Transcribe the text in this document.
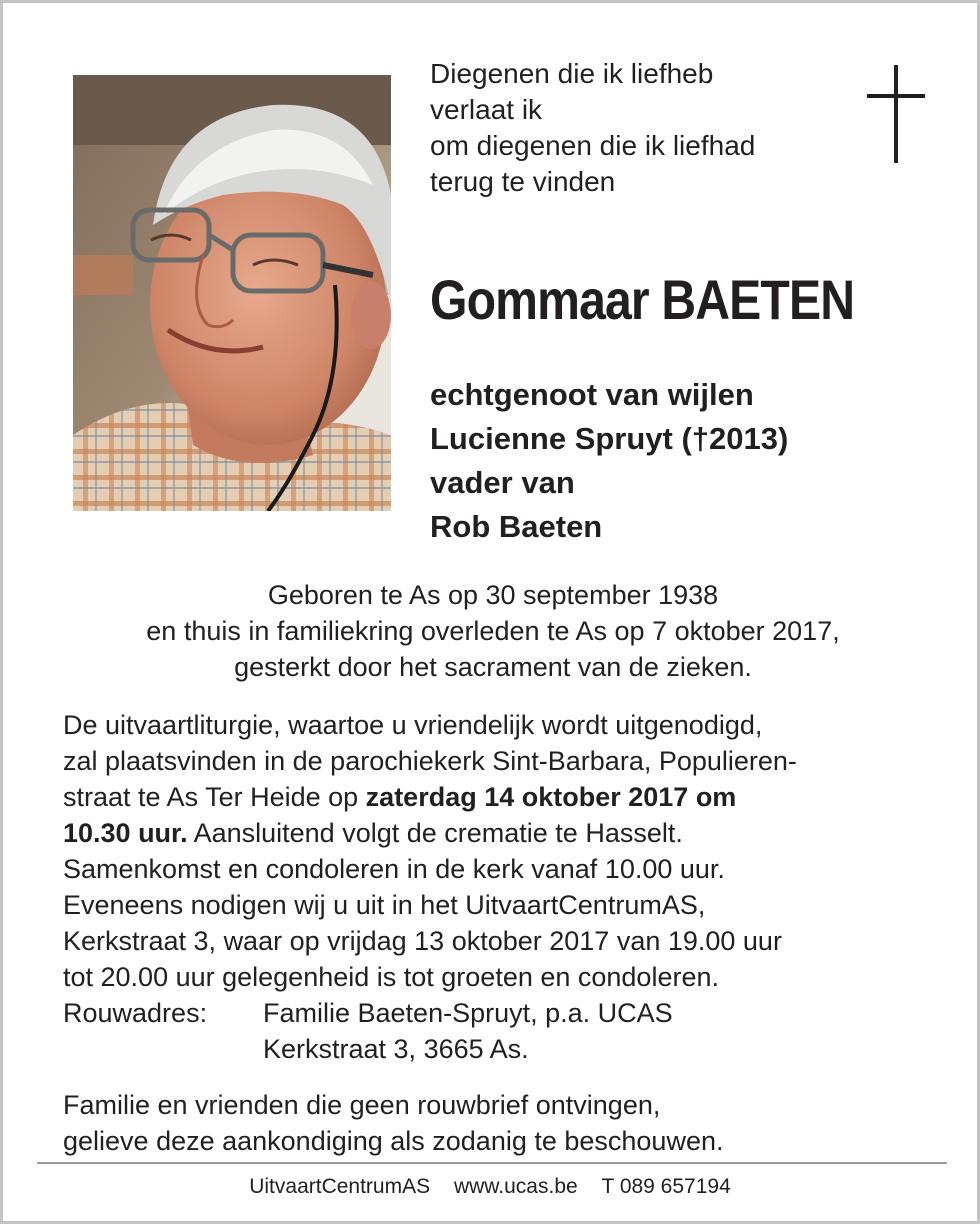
Diegenen die ik liefheb
verlaat ik
om diegenen die ik liefhad
terug te vinden
Gommaar BAETEN
echtgenoot van wijlen
Lucienne Spruyt (†2013)
vader van
Rob Baeten
Geboren te As op 30 september 1938
en thuis in familiekring overleden te As op 7 oktober 2017,
gesterkt door het sacrament van de zieken.
De uitvaartliturgie, waartoe u vriendelijk wordt uitgenodigd,
zal plaatsvinden in de parochiekerk Sint-Barbara, Populieren-
straat te As Ter Heide op zaterdag 14 oktober 2017 om
10.30 uur. Aansluitend volgt de crematie te Hasselt.
Samenkomst en condoleren in de kerk vanaf 10.00 uur.
Eveneens nodigen wij u uit in het UitvaartCentrumAS,
Kerkstraat 3, waar op vrijdag 13 oktober 2017 van 19.00 uur
tot 20.00 uur gelegenheid is tot groeten en condoleren.
Rouwadres: Familie Baeten-Spruyt, p.a. UCAS
Kerkstraat 3, 3665 As.
Familie en vrienden die geen rouwbrief ontvingen,
gelieve deze aankondiging als zodanig te beschouwen.
UitvaartCentrumAS www.ucas.be T 089 657194
